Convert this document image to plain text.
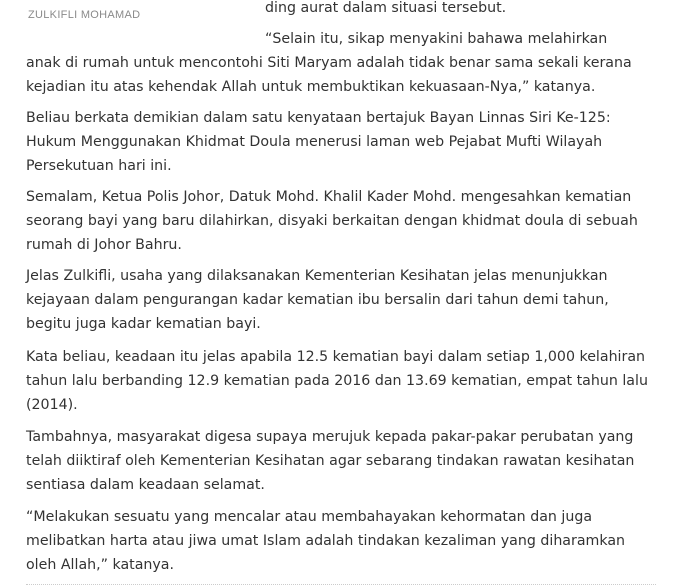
ZULKIFLI MOHAMAD	ding aurat dalam situasi tersebut.

“Selain itu, sikap menyakini bahawa melahirkan
anak di rumah untuk mencontohi Siti Maryam adalah tidak benar sama sekali kerana
kejadian itu atas kehendak Allah untuk membuktikan kekuasaan-Nya,” katanya.

Beliau berkata demikian dalam satu kenyataan bertajuk Bayan Linnas Siri Ke-125:
Hukum Menggunakan Khidmat Doula menerusi laman web Pejabat Mufti Wilayah
Persekutuan hari ini.

Semalam, Ketua Polis Johor, Datuk Mohd. Khalil Kader Mohd. mengesahkan kematian
seorang bayi yang baru dilahirkan, disyaki berkaitan dengan khidmat doula di sebuah
rumah di Johor Bahru.

Jelas Zulkifli, usaha yang dilaksanakan Kementerian Kesihatan jelas menunjukkan
kejayaan dalam pengurangan kadar kematian ibu bersalin dari tahun demi tahun,
begitu juga kadar kematian bayi.

Kata beliau, keadaan itu jelas apabila 12.5 kematian bayi dalam setiap 1,000 kelahiran
tahun lalu berbanding 12.9 kematian pada 2016 dan 13.69 kematian, empat tahun lalu
(2014).

Tambahnya, masyarakat digesa supaya merujuk kepada pakar-pakar perubatan yang
telah diiktiraf oleh Kementerian Kesihatan agar sebarang tindakan rawatan kesihatan
sentiasa dalam keadaan selamat.

“Melakukan sesuatu yang mencalar atau membahayakan kehormatan dan juga
melibatkan harta atau jiwa umat Islam adalah tindakan kezaliman yang diharamkan
oleh Allah,” katanya.
